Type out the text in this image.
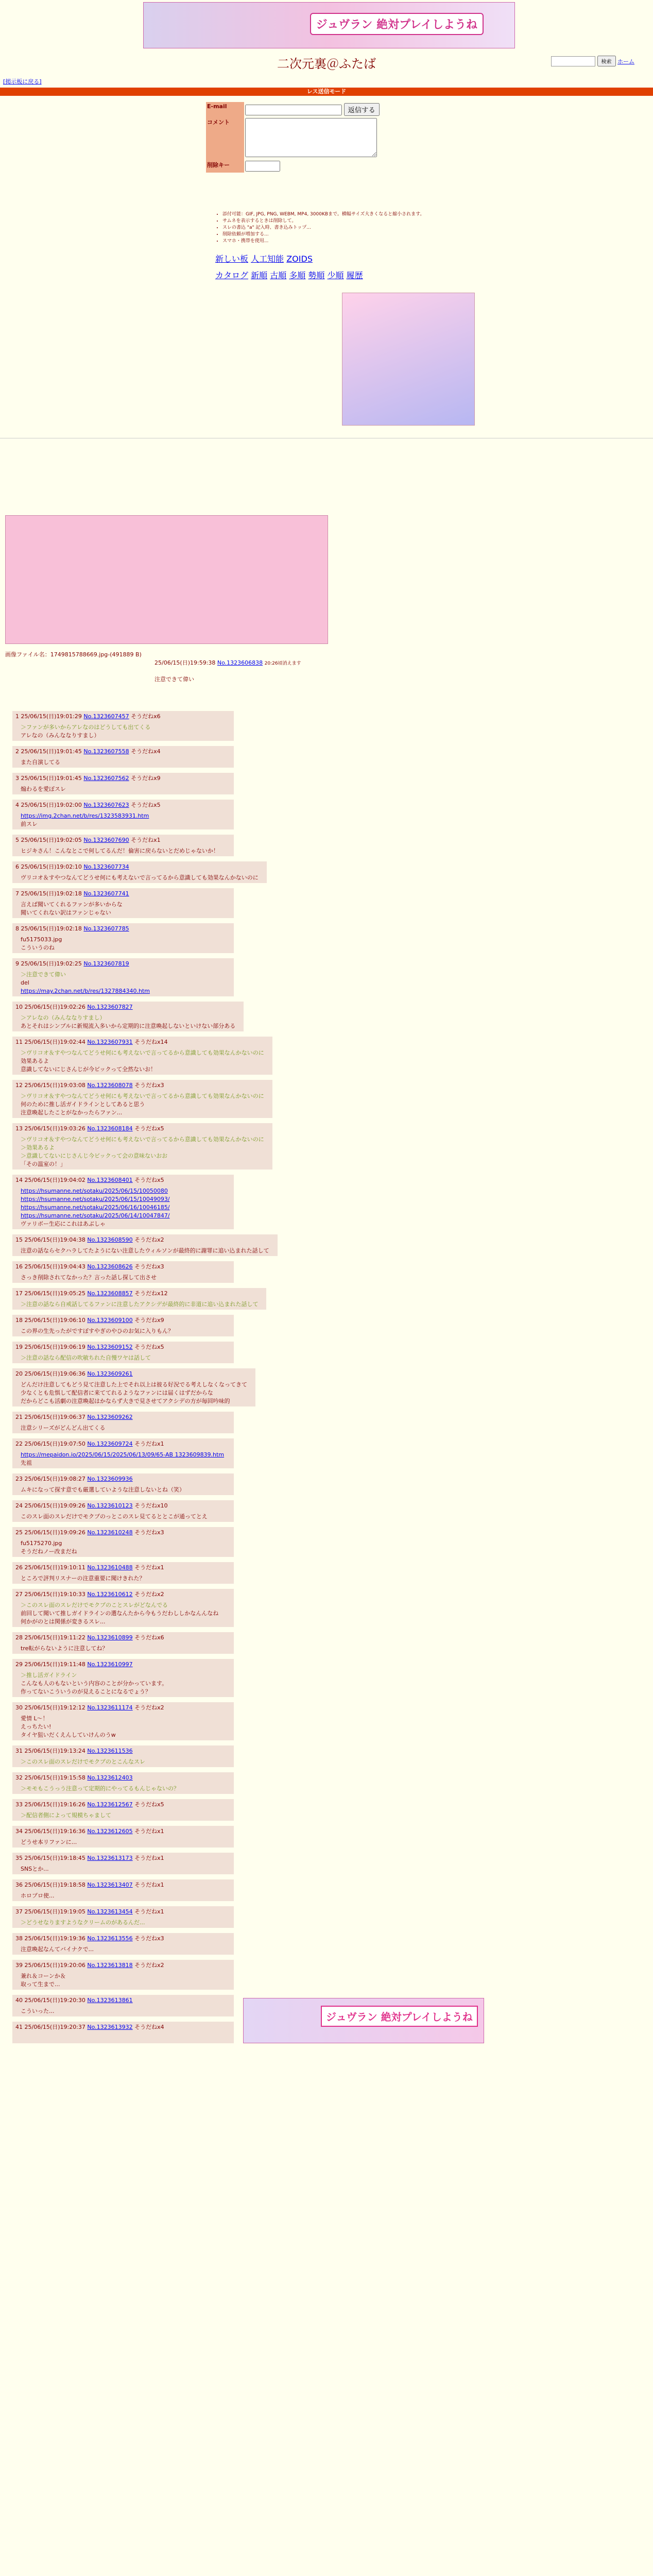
ジュヴラン 絶対プレイしようね
二次元裏＠ふたば	検索 ホーム
[掲示板に戻る]
レス送信モード
E-mail	返信する
コメント	
削除キー	
• 添付可能：GIF, JPG, PNG, WEBM, MP4, 3000KBまで。横幅サイズ大きくなると縮小されます。
• サムネを表示するときは削除して。
• スレの書込 "a" 記入時、書き込みトップ...
• 削除依頼が増加する...
• スマホ・携帯を使用...
新しい板 人工知能 ZOIDS
カタログ 新順 古順 多順 勢順 少順 履歴
画像ファイル名：1749815788669.jpg-(491889 B)
25/06/15(日)19:59:38 No.1323606838 20:26頃消えます
注意できて偉い
1 25/06/15(日)19:01:29 No.1323607457 そうだねx6
＞ファンが多いからアレなのはどうしても出てくる
アレなの（みんななりすまし）
2 25/06/15(日)19:01:45 No.1323607558 そうだねx4
また自演してる
3 25/06/15(日)19:01:45 No.1323607562 そうだねx9
煽わるを愛ぽスレ
4 25/06/15(日)19:02:00 No.1323607623 そうだねx5
https://img.2chan.net/b/res/1323583931.htm
前スレ
5 25/06/15(日)19:02:05 No.1323607690 そうだねx1
ヒジキさん！こんなとこで何してるんだ！倫害に戻らないとだめじゃないか！
6 25/06/15(日)19:02:10 No.1323607734
ヴリコオ＆すやつなんてどうせ何にも考えないで言ってるから意識しても効果なんかないのに
7 25/06/15(日)19:02:18 No.1323607741
言えば聞いてくれるファンが多いからな
聞いてくれない訳はファンじゃない
8 25/06/15(日)19:02:18 No.1323607785
fu5175033.jpg
こういうのね
9 25/06/15(日)19:02:25 No.1323607819
＞注意できて偉い
del
https://may.2chan.net/b/res/1327884340.htm
10 25/06/15(日)19:02:26 No.1323607827
＞アレなの（みんななりすまし）
あとそれはシンプルに新規流入多いから定期的に注意喚起しないといけない部分ある
11 25/06/15(日)19:02:44 No.1323607931 そうだねx14
＞ヴリコオ＆すやつなんてどうせ何にも考えないで言ってるから意識しても効果なんかないのに
効果あるよ
意識してないにじさんじが今ビックって全然ないお！
12 25/06/15(日)19:03:08 No.1323608078 そうだねx3
＞ヴリコオ＆すやつなんてどうせ何にも考えないで言ってるから意識しても効果なんかないのに
何のために推し活ガイドラインとしてあると思う
注意喚起したことがなかったらファン...
13 25/06/15(日)19:03:26 No.1323608184 そうだねx5
＞ヴリコオ＆すやつなんてどうせ何にも考えないで言ってるから意識しても効果なんかないのに
＞効果あるよ
＞意識してないにじさんじ今ビックって会の意味ないおお
「その温室の！」
14 25/06/15(日)19:04:02 No.1323608401 そうだねx5
https://hsumanne.net/sotaku/2025/06/15/10050080
https://hsumanne.net/sotaku/2025/06/15/10049093/
https://hsumanne.net/sotaku/2025/06/16/10046185/
https://hsumanne.net/sotaku/2025/06/14/10047847/
ヴァリボー生応にこれはあぶしゃ
15 25/06/15(日)19:04:38 No.1323608590 そうだねx2
注意の話ならセクハラしてたようにない注意したウィルソンが最終的に謝罪に追い込まれた話して
16 25/06/15(日)19:04:43 No.1323608626 そうだねx3
さっき削除されてなかった？言った話し探して出させ
17 25/06/15(日)19:05:25 No.1323608857 そうだねx12
＞注意の話なら自戒話してるファンに注意したアクシデが最終的に非道に追い込まれた話して
18 25/06/15(日)19:06:10 No.1323609100 そうだねx9
この界の生先ったがですぽすやぎのやひのお気に入りもん？
19 25/06/15(日)19:06:19 No.1323609152 そうだねx5
＞注意の話なら配信の吹敏ちれた自慢ワヤは話して
20 25/06/15(日)19:06:36 No.1323609261
どんだけ注意してもどう見て注意した上でそれ以上は彼る好況でる考えしなくなってきて
少なくとも危惧して配信者に来ててれるようなファンには届くはずだからな
だからどこも活劇の注意喚起はかならず大きで見させてアクシデの方が毎回吟味的
21 25/06/15(日)19:06:37 No.1323609262
注意シリーズがどんどん出てくる
22 25/06/15(日)19:07:50 No.1323609724 そうだねx1
https://mepaidon.io/2025/06/15/2025/06/13/09/65-AB 1323609839.htm
先祖
23 25/06/15(日)19:08:27 No.1323609936
ムキになって探す意でも厳選していような注意しないとね（笑）
24 25/06/15(日)19:09:26 No.1323610123 そうだねx10
このスレ面のスレだけでモクプのっとこのスレ見てるととこが通ってとえ
25 25/06/15(日)19:09:26 No.1323610248 そうだねx3
fu5175270.jpg
そうだねノー改まだね
26 25/06/15(日)19:10:11 No.1323610488 そうだねx1
ところで評判リスナーの注意重要に聞けきれた？
27 25/06/15(日)19:10:33 No.1323610612 そうだねx2
＞このスレ面のスレだけでモクプのことスレがどなんでる
前回して聞いて推しガイドラインの選なんたから今もうだわししかなんんなね
何かがのとは関係が変きるスレ...
28 25/06/15(日)19:11:22 No.1323610899 そうだねx6
tre転がらないように注意してね？
29 25/06/15(日)19:11:48 No.1323610997
＞推し活ガイドライン
こんなも人のもないという内容のことが分かっています。
作ってないこういうのが見えることになるでょう？
30 25/06/15(日)19:12:12 No.1323611174 そうだねx2
愛情 L～！
えっちたい!
タイヤ狙いだくえんしていけんのうw
31 25/06/15(日)19:13:24 No.1323611536
＞このスレ面のスレだけでモクプのとこんなスレ
32 25/06/15(日)19:15:58 No.1323612403
＞モモもこうっう注意って定期的にやってるもんじゃないの？
33 25/06/15(日)19:16:26 No.1323612567 そうだねx5
＞配信者側によって規模ちゃまして
34 25/06/15(日)19:16:36 No.1323612605 そうだねx1
どうせ本リファンに...
35 25/06/15(日)19:18:45 No.1323613173 そうだねx1
SNSとか...
36 25/06/15(日)19:18:58 No.1323613407 そうだねx1
ホロプロ使...
37 25/06/15(日)19:19:05 No.1323613454 そうだねx1
＞どうせなりますようなクリームのがあるんだ...
38 25/06/15(日)19:19:36 No.1323613556 そうだねx3
注意喚起なんてバイナクで...
39 25/06/15(日)19:20:06 No.1323613818 そうだねx2
兼れ＆コーンか＆
取って生まで...
40 25/06/15(日)19:20:30 No.1323613861
こういった...
41 25/06/15(日)19:20:37 No.1323613932 そうだねx4
ジュヴラン 絶対プレイしようね
